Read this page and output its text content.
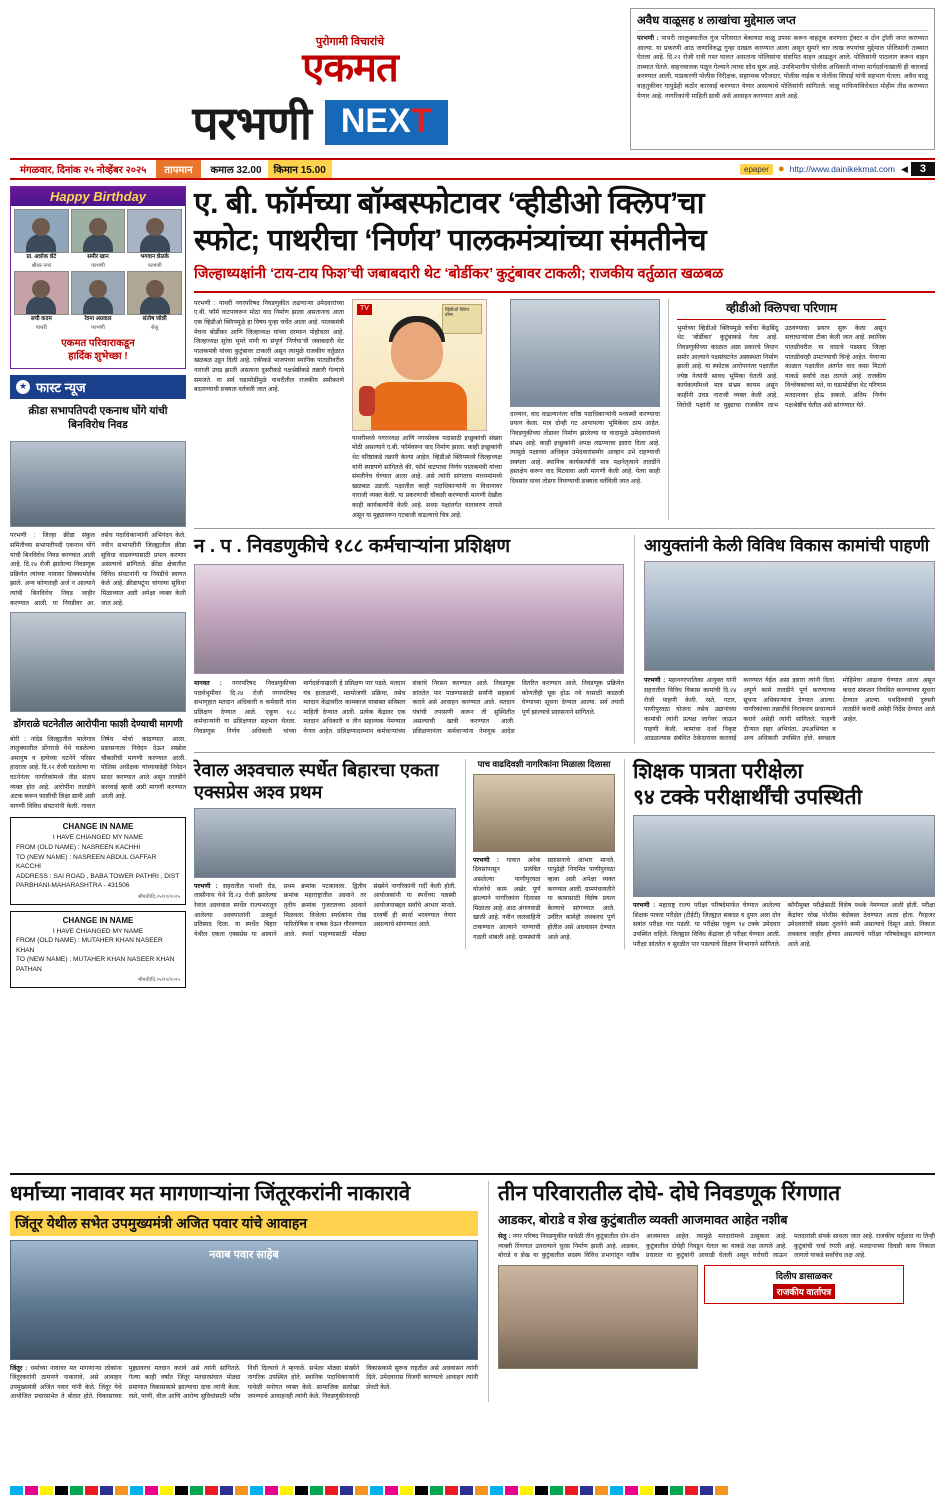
पुरोगामी विचारांचे
एकमत
परभणी NEXT
अवैध वाळूसह ४ लाखांचा मुद्देमाल जप्त
परभणी : पाथरी ताालुक्यातील गुंज परिसरात बेकायदा वाळू उपसा करून वाहतूक करणारा ट्रॅक्टर व दोन ट्रॉली जप्त करण्यात आल्या. या प्रकरणी आठ जणांविरुद्ध गुन्हा दाखल करण्यात आला असून सुमारे चार लाख रुपयांचा मुद्देमाल पोलिसांनी ताब्यात घेतला आहे. दि.२२ रोजी रात्री गस्त घालत असताना पोलिसांना संशयित वाहन आढळून आले. पोलिसांनी पाठलाग करून वाहन ताब्यात घेतले. वाहनचालक पळून गेल्याने त्याचा शोध सुरू आहे. उपविभागीय पोलीस अधिकारी यांच्या मार्गदर्शनाखाली ही कारवाई करण्यात आली. याप्रकरणी पोलीस निरीक्षक, सहाय्यक फौजदार, पोलीस नाईक व पोलीस शिपाई यांनी सहभाग घेतला. अवैध वाळू वाहतुकीवर यापुढेही कठोर कारवाई करण्यात येणार असल्याचे पोलिसांनी सांगितले. वाळू माफियांविरोधात मोहीम तीव्र करण्यात येणार आहे. नागरिकांनी माहिती द्यावी असे आवाहन करण्यात आले आहे.
मंगळवार, दिनांक २५ नोव्हेंबर २०२५	तापमान	कमाल 32.00	किमान 15.00	epaper ● http://www.dainikekmat.com ◀	3
Happy Birthday
प्रा. अशोक शेटे
श्रीधर नगर
समीर खान
परभणी
भगवान शेळके
परभणी
सची कदम
पाथरी
रेश्मा अग्रवाल
परभणी
संतोष जोशी
सेलू
एकमत परिवाराकडून
हार्दिक शुभेच्छा !
★ फास्ट न्यूज
क्रीडा सभापतिपदी एकनाथ घोंगे यांची बिनविरोध निवड
परभणी : जिल्हा क्रीडा संकुल समितीच्या सभापतीपदी एकनाथ घोंगे यांची बिनविरोध निवड करण्यात आली आहे. दि.२४ रोजी झालेल्या निवडणूक प्रक्रियेत त्यांच्या नावावर शिक्कामोर्तब झाले. अन्य कोणताही अर्ज न आल्याने त्यांची बिनविरोध निवड जाहीर करण्यात आली. या निवडीवर आ. तसेच पदाधिकाऱ्यांनी अभिनंदन केले. नवीन सभापतींनी जिल्ह्यातील क्रीडा सुविधा वाढवण्यासाठी प्रयत्न करणार असल्याचे सांगितले. क्रीडा क्षेत्रातील विविध संघटनांनी या निवडीचे स्वागत केले आहे. क्रीडापटूंना चांगल्या सुविधा मिळाव्यात अशी अपेक्षा व्यक्त केली जात आहे.
डोंगराळे घटनेतील आरोपीना फाशी देण्याची मागणी
बोरी : नांदेड जिल्ह्यातील मालेगाव तालुक्यातील डोंगराळे येथे घडलेल्या अमानुष व हत्येच्या घटनेने परिसर हादरला आहे. दि.२२ रोजी घडलेल्या या घटनेनंतर नागरिकांमध्ये तीव्र संताप व्यक्त होत आहे. आरोपींना तातडीने अटक करून फाशीची शिक्षा द्यावी अशी मागणी विविध संघटनांनी केली. गावात निषेध मोर्चा काढण्यात आला. प्रशासनाला निवेदन देऊन सखोल चौकशीची मागणी करण्यात आली. पोलिस अधीक्षक यांच्याकडेही निवेदन सादर करण्यात आले असून तातडीने कारवाई व्हावी अशी मागणी करण्यात आली आहे.
CHANGE IN NAME

I HAVE CHIANGED MY NAME

FROM (OLD NAME) : NASREEN KACHHI

TO (NEW NAME) : NASREEN ABDUL GAFFAR KACCHI

ADDRESS : SAI ROAD , BABA TOWER PATHRI , DIST PARBHANI-MAHARASHTRA - 431506

श्रीमती/दि.२५/११/२०२५
CHANGE IN NAME

I HAVE CHIANGED MY NAME

FROM (OLD NAME) : MUTAHER KHAN NASEER KHAN

TO (NEW NAME) : MUTAHER KHAN NASEER KHAN PATHAN

श्रीमती/दि.२५/११/२०२५
ए. बी. फॉर्मच्या बॉम्बस्फोटावर ‘व्हीडीओ क्लिप’चा
स्फोट; पाथरीचा ‘निर्णय’ पालकमंत्र्यांच्या संमतीनेच
जिल्हाध्यक्षांनी ‘टाय-टाय फिश’ची जबाबदारी थेट ‘बोर्डीकर’ कुटुंबावर टाकली; राजकीय वर्तुळात खळबळ
परभणी : पाथरी नगरपरिषद निवडणुकीत लढणाऱ्या उमेदवारांच्या ए.बी. फॉर्म वाटपावरून मोठा वाद निर्माण झाला असतानाच आता एक व्हिडीओ क्लिपमुळे हा विषय पुन्हा चर्चेत आला आहे. पालकमंत्री मेघना बोर्डीकर आणि जिल्हाध्यक्ष यांच्या दरम्यान पोहोचला आहे. जिल्हाध्यक्ष सुरेश भुमरे यांनी या संपूर्ण ‘निर्णया’ची जबाबदारी थेट पालकमंत्री यांच्या कुटुंबावर टाकली असून त्यामुळे राजकीय वर्तुळात खळबळ उडून दिली आहे. एकीकडे भाजपच्या स्थानिक पातळीवरील नाराजी उघड झाली असताना दुसरीकडे पक्षश्रेष्ठींकडे तक्रारी गेल्याचे समजते. या सर्व घडामोडींमुळे पाथरीतील राजकीय समीकरणे बदलण्याची शक्यता वर्तवली जात आहे.
TV	व्हिडीओ क्लिप
बॉम्ब
पाथरीमध्ये नगराध्यक्ष आणि नगरसेवक पदासाठी इच्छुकांची संख्या मोठी असल्याने ए.बी. फॉर्मवरून वाद निर्माण झाला. काही इच्छुकांनी थेट वरिष्ठांकडे तक्रारी केल्या आहेत. व्हिडीओ क्लिपमध्ये जिल्हाध्यक्ष यांनी स्पष्टपणे सांगितले की, फॉर्म वाटपाचा निर्णय पालकमंत्री यांच्या संमतीनेच घेण्यात आला आहे. असे त्यांनी सांगताच माध्यमांमध्ये खळबळ उडाली. पक्षातील काही पदाधिकाऱ्यांनी या विधानावर नाराजी व्यक्त केली. या प्रकरणाची चौकशी करण्याची मागणी देखील काही कार्यकर्त्यांनी केली आहे. सध्या पक्षांतर्गत वातावरण तापले असून या मुद्द्यावरून गटबाजी वाढल्याचे चित्र आहे.
दरम्यान, वाद वाढल्यानंतर वरिष्ठ पदाधिकाऱ्यांनी मध्यस्थी करण्याचा प्रयत्न केला. मात्र दोन्ही गट आपापल्या भूमिकेवर ठाम आहेत. निवडणुकीच्या तोंडावर निर्माण झालेल्या या वादामुळे उमेदवारांमध्ये संभ्रम आहे. काही इच्छुकांनी अपक्ष लढण्याचा इशारा दिला आहे. त्यामुळे पक्षाच्या अधिकृत उमेदवारांसमोर आव्हान उभे राहण्याची शक्यता आहे. स्थानिक कार्यकर्त्यांनी मात्र पक्षनेतृत्वाने तातडीने हस्तक्षेप करून वाद मिटवावा अशी मागणी केली आहे. येत्या काही दिवसांत यावर तोडगा निघण्याची शक्यता वर्तविली जात आहे.
व्हीडीओ क्लिपचा परिणाम

भुमरेच्या व्हिडीओ क्लिपमुळे चर्चेचा केंद्रबिंदू थेट ‘बोर्डीकर’ कुटुंबाकडे गेला आहे. निवडणुकीच्या काळात अशा प्रकारचे विधान समोर आल्याने पक्षसंघटनेत अस्वस्थता निर्माण झाली आहे. या स्फोटक आरोपानंतर पक्षातील ज्येष्ठ नेत्यांनी सावध भूमिका घेतली आहे. कार्यकर्त्यांमध्ये मात्र संभ्रम कायम असून काहींनी उघड नाराजी व्यक्त केली आहे. विरोधी पक्षांनी या मुद्द्याचा राजकीय लाभ उठवण्याचा प्रयत्न सुरू केला असून सत्ताधाऱ्यांवर टीका केली जात आहे. स्थानिक पातळीवरील या वादाचे पडसाद जिल्हा पातळीवरही उमटण्याची चिन्हे आहेत. येणाऱ्या काळात पक्षातील अंतर्गत वाद कसा मिटतो याकडे सर्वांचे लक्ष लागले आहे. राजकीय विश्लेषकांच्या मते, या घडामोडींचा थेट परिणाम मतदानावर होऊ शकतो. अंतिम निर्णय पक्षश्रेष्ठींच घेतील असे सांगण्यात येते.

न . प . निवडणुकीचे १८८ कर्मचाऱ्यांना प्रशिक्षण
मानवत : नगरपरिषद निवडणुकीच्या पार्श्वभूमीवर दि.२४ रोजी नगरपरिषद सभागृहात मतदान अधिकारी व कर्मचारी यांना प्रशिक्षण देण्यात आले. एकूण १८८ कर्मचाऱ्यांनी या प्रशिक्षणात सहभाग घेतला. निवडणूक निर्णय अधिकारी यांच्या मार्गदर्शनाखाली हे प्रशिक्षण पार पडले. मतदान यंत्र हाताळणी, मतमोजणी प्रक्रिया, तसेच मतदान केंद्रावरील कामकाज याबाबत सविस्तर माहिती देण्यात आली. प्रत्येक केंद्रावर एक मतदान अधिकारी व तीन सहाय्यक नेमण्यात येणार आहेत. प्रशिक्षणादरम्यान कर्मचाऱ्यांच्या शंकांचे निरसन करण्यात आले. निवडणूक शांततेत पार पाडण्यासाठी सर्वांनी सहकार्य करावे असे आवाहन करण्यात आले. मतदान यंत्रांची तपासणी करून ती सुस्थितीत असल्याची खात्री करण्यात आली. प्रशिक्षणानंतर कर्मचाऱ्यांना नेमणूक आदेश वितरित करण्यात आले. निवडणूक प्रक्रियेत कोणतीही चूक होऊ नये यासाठी काळजी घेण्याच्या सूचना देण्यात आल्या. सर्व तयारी पूर्ण झाल्याचे प्रशासनाने सांगितले.
आयुक्तांनी केली विविध विकास कामांची पाहणी
परभणी : महानगरपालिका आयुक्त यांनी शहरातील विविध विकास कामांची दि.२४ रोजी पाहणी केली. रस्ते, गटार, पाणीपुरवठा योजना तसेच उद्यानांच्या कामांची त्यांनी प्रत्यक्ष जागेवर जाऊन पाहणी केली. कामांचा दर्जा निकृष्ट आढळल्यास संबंधित ठेकेदारावर कारवाई करण्यात येईल असा इशारा त्यांनी दिला. अपूर्ण कामे तातडीने पूर्ण करण्याच्या सूचना अधिकाऱ्यांना देण्यात आल्या. नागरिकांच्या तक्रारींचे निराकरण प्राधान्याने करावे असेही त्यांनी सांगितले. पाहणी दौऱ्यात शहर अभियंता, उपअभियंता व अन्य अधिकारी उपस्थित होते. स्वच्छता मोहिमेचा आढावा घेण्यात आला असून कचरा संकलन नियमित करण्याच्या सूचना देण्यात आल्या. पथदिव्यांची दुरुस्ती तातडीने करावी असेही निर्देश देण्यात आले आहेत.
रेवाल अश्वचाल स्पर्धेत बिहारचा एकता एक्सप्रेस अश्व प्रथम
परभणी : शहरातील पाथरी रोड, लासीनाथ येथे दि.२३ रोजी झालेल्या रेवाल अश्वचाल स्पर्धेत राज्यभरातून आलेल्या अश्वपालांनी उत्स्फूर्त प्रतिसाद दिला. या स्पर्धेत बिहार येथील एकता एक्सप्रेस या अश्वाने प्रथम क्रमांक पटकावला. द्वितीय क्रमांक महाराष्ट्रातील अश्वाने तर तृतीय क्रमांक गुजरातच्या अश्वाने मिळवला. विजेत्या स्पर्धकांना रोख पारितोषिक व चषक देऊन गौरवण्यात आले. स्पर्धा पाहण्यासाठी मोठ्या संख्येने नागरिकांनी गर्दी केली होती. आयोजकांनी या स्पर्धेच्या यशस्वी आयोजनाबद्दल सर्वांचे आभार मानले. दरवर्षी ही स्पर्धा भरवण्यात येणार असल्याचे सांगण्यात आले.
पाच वाढदिवशी नागरिकांना मिळाला दिलासा
परभणी : गावात अनेक दिवसांपासून प्रलंबित असलेल्या पाणीपुरवठा योजनेचे काम अखेर पूर्ण झाल्याने नागरिकांना दिलासा मिळाला आहे. आठ अंगणवाडी खाली आहे. नवीन जलवाहिनी टाकण्यात आल्याने पाण्याची गळती थांबली आहे. ग्रामस्थांनी प्रशासनाचे आभार मानले. यापुढेही नियमित पाणीपुरवठा व्हावा अशी अपेक्षा व्यक्त करण्यात आली. ग्रामपंचायतीने या कामासाठी विशेष प्रयत्न केल्याचे सांगण्यात आले. उर्वरित कामेही लवकरच पूर्ण होतील असे आश्वासन देण्यात आले आहे.
शिक्षक पात्रता परीक्षेला
९४ टक्के परीक्षार्थींची उपस्थिती
परभणी : महाराष्ट्र राज्य परीक्षा परिषदेमार्फत घेण्यात आलेल्या शिक्षक पात्रता परीक्षेत (टीईटी) जिल्ह्यात सकाळ व दुपार अशा दोन सत्रांत परीक्षा पार पडली. या परीक्षेस एकूण ९४ टक्के उमेदवार उपस्थित राहिले. जिल्ह्यात विविध केंद्रांवर ही परीक्षा घेण्यात आली. परीक्षा शांततेत व सुरळीत पार पडल्याचे शिक्षण विभागाने सांगितले. कॉपीमुक्त परीक्षेसाठी विशेष पथके नेमण्यात आली होती. परीक्षा केंद्रांवर चोख पोलीस बंदोबस्त ठेवण्यात आला होता. गैरहजर उमेदवारांची संख्या तुलनेने कमी असल्याचे दिसून आले. निकाल लवकरच जाहीर होणार असल्याचे परीक्षा परिषदेकडून सांगण्यात आले आहे.
धर्माच्या नावावर मत मागणाऱ्यांना जिंतूरकरांनी नाकारावे
जिंतूर येथील सभेत उपमुख्यमंत्री अजित पवार यांचे आवाहन
नवाब पवार साहेब
जिंतूर : धर्माच्या नावावर मत मागणाऱ्या लोकांना जिंतूरकरांनी ठामपणे नाकारावे, असे आवाहन उपमुख्यमंत्री अजित पवार यांनी केले. जिंतूर येथे आयोजित प्रचारसभेत ते बोलत होते. विकासाच्या मुद्द्यावरच मतदान करावे असे त्यांनी सांगितले. गेल्या काही वर्षांत जिंतूर मतदारसंघात मोठ्या प्रमाणात विकासकामे झाल्याचा दावा त्यांनी केला. रस्ते, पाणी, वीज आणि आरोग्य सुविधांसाठी भरीव निधी दिल्याचे ते म्हणाले. सभेला मोठ्या संख्येने नागरिक उपस्थित होते. स्थानिक पदाधिकाऱ्यांनी यावेळी मनोगत व्यक्त केले. सामाजिक सलोखा जपण्याचे आवाहनही त्यांनी केले. निवडणुकीनंतरही विकासकामे सुरूच राहतील असे आश्वासन त्यांनी दिले. उमेदवारास विजयी करण्याचे आवाहन त्यांनी शेवटी केले.
तीन परिवारातील दोघे- दोघे निवडणूक रिंगणात
आडकर, बोराडे व शेख कुटुंबातील व्यक्ती आजमावत आहेत नशीब
सेलू : नगर परिषद निवडणुकीत यावेळी तीन कुटुंबातील दोन-दोन व्यक्ती रिंगणात उतरल्याने चुरस निर्माण झाली आहे. आडकर, बोराडे व शेख या कुटुंबातील सदस्य विविध प्रभागांतून नशीब आजमावत आहेत. त्यामुळे मतदारांमध्ये उत्सुकता आहे. कुटुंबातील दोघेही निवडून येतात का याकडे लक्ष लागले आहे. प्रचारात या कुटुंबांनी आघाडी घेतली असून घरोघरी जाऊन मतदारांशी संपर्क साधला जात आहे. राजकीय वर्तुळात या तिन्ही कुटुंबांची चर्चा रंगली आहे. मतदानाच्या दिवशी काय निकाल लागतो याकडे सर्वांचेच लक्ष आहे.
दिलीप डासाळकर
राजकीय वार्तापत्र
